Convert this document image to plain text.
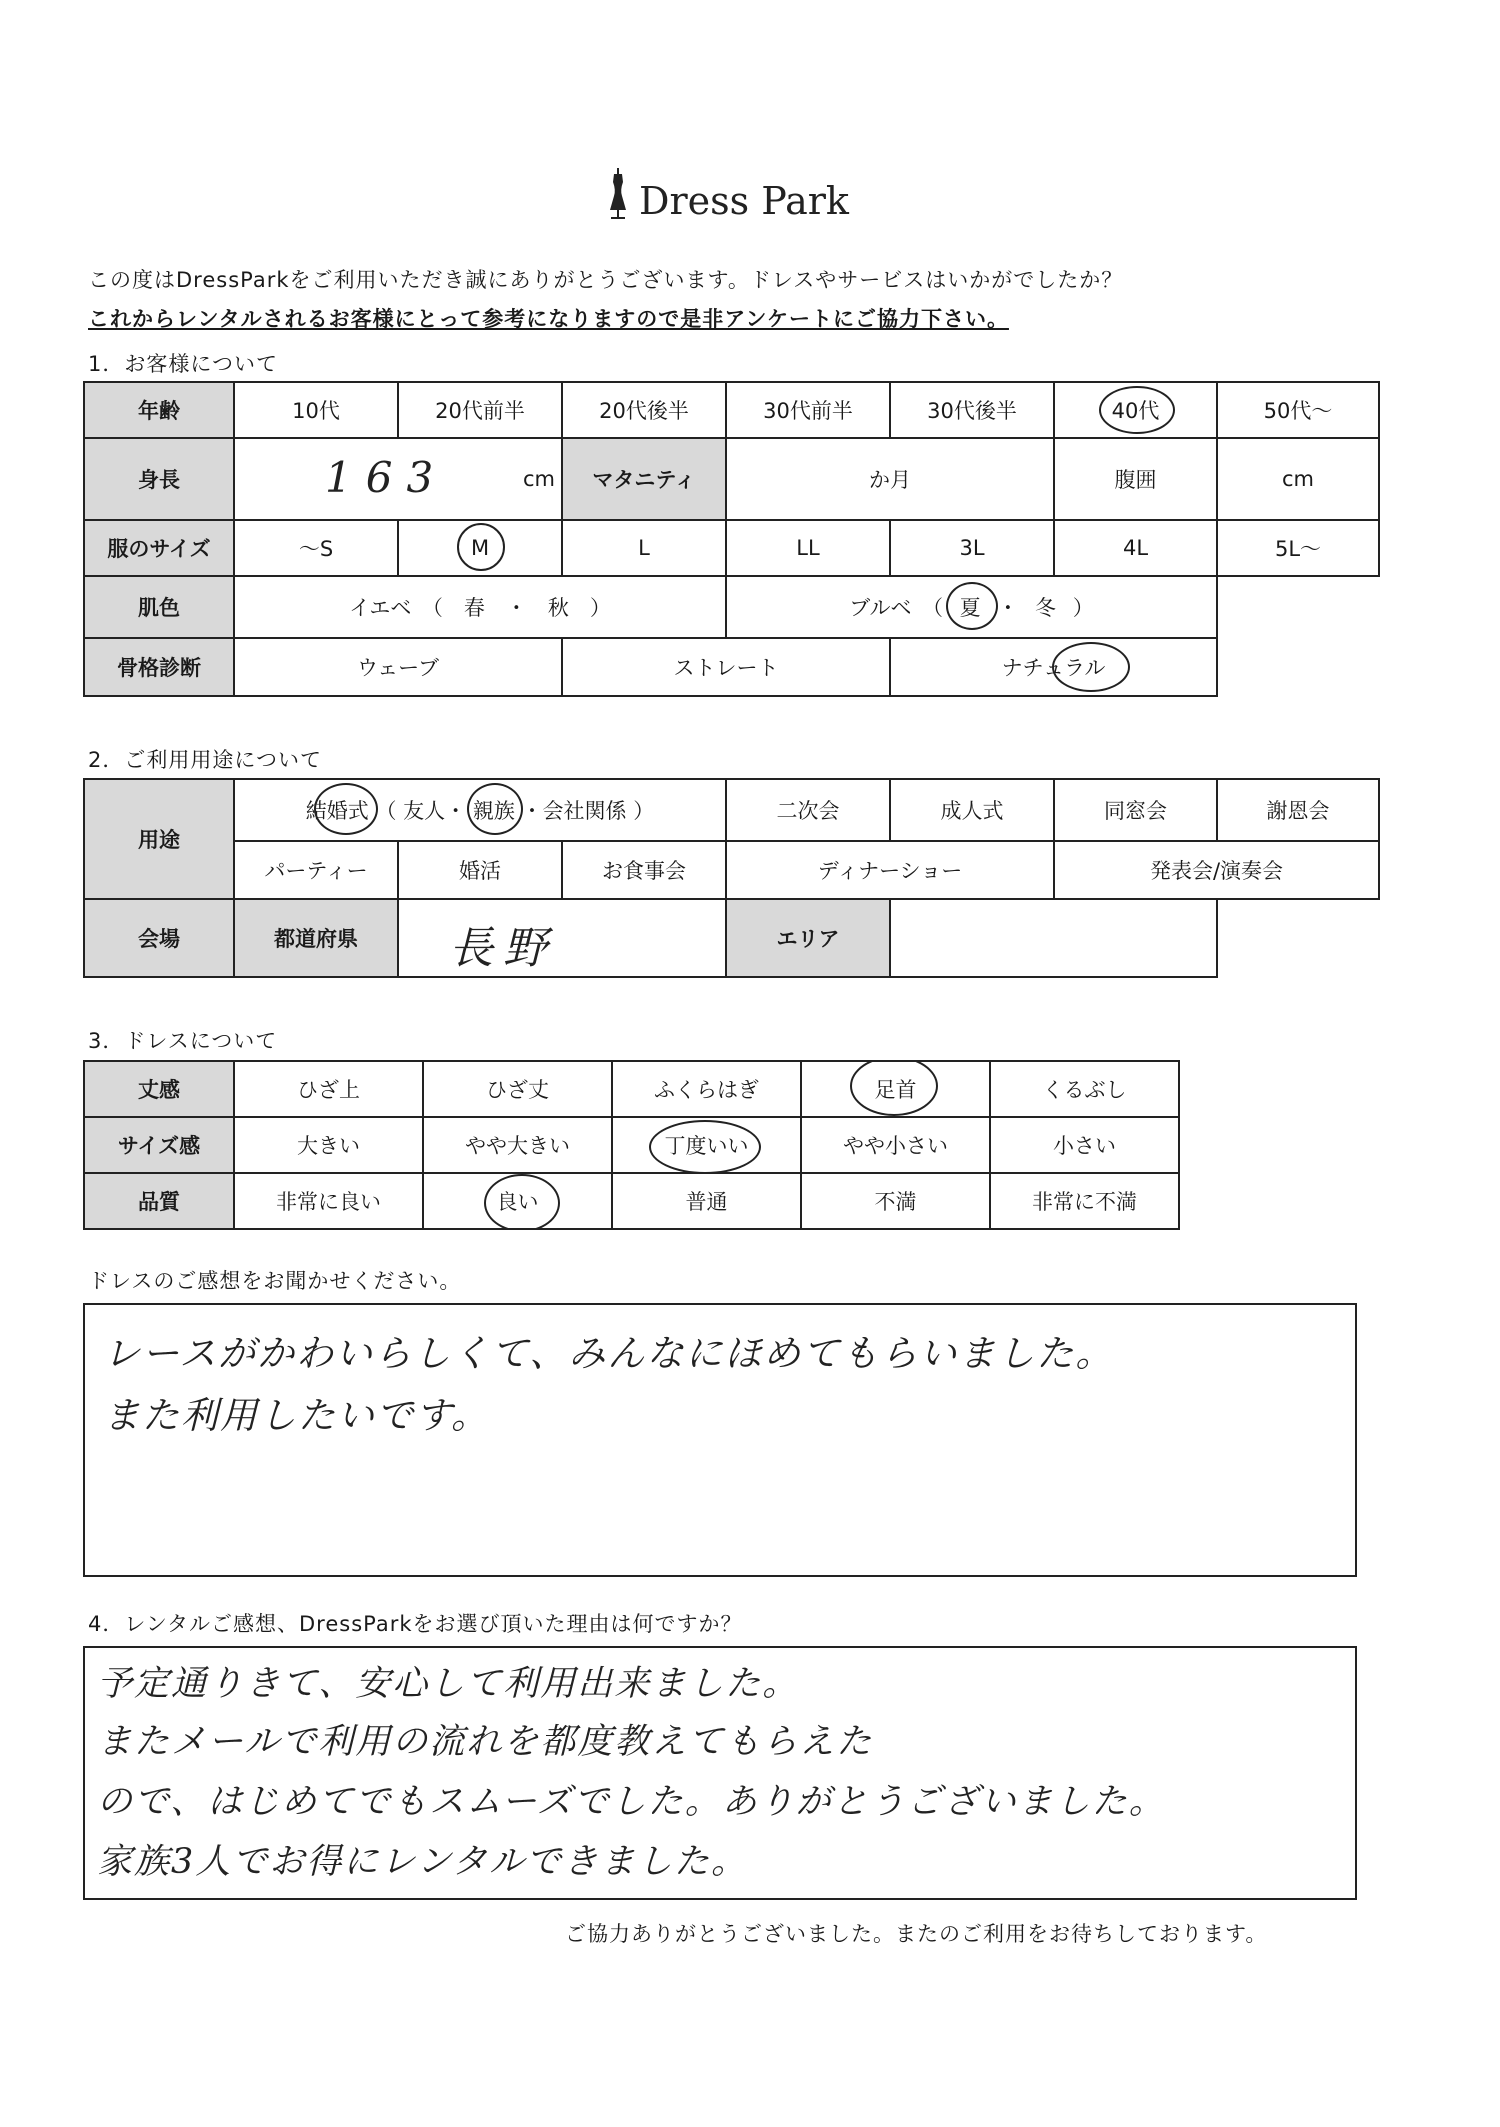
Dress Park
この度はDressParkをご利用いただき誠にありがとうございます。ドレスやサービスはいかがでしたか？
これからレンタルされるお客様にとって参考になりますので是非アンケートにご協力下さい。
1．お客様について
年齢	10代	20代前半	20代後半	30代前半	30代後半	40代	50代～
身長	163 cm		マタニティ	か月		腹囲	cm
服のサイズ	～S	M	L	LL	3L	4L	5L～
肌色	イエベ　（　春　・　秋　）			ブルベ　（ 夏 ・ 冬 ）			
骨格診断	ウェーブ		ストレート		ナチュラル	

2．ご利用用途について
用途	結婚式 （ 友人・ 親族 ・会社関係 ）			二次会	成人式	同窓会	謝恩会
	パーティー	婚活	お食事会	ディナーショー		発表会/演奏会	
会場	都道府県	長野		エリア			
3．ドレスについて
丈感	ひざ上	ひざ丈	ふくらはぎ	足首	くるぶし
サイズ感	大きい	やや大きい	丁度いい	やや小さい	小さい
品質	非常に良い	良い	普通	不満	非常に不満
ドレスのご感想をお聞かせください。
レースがかわいらしくて、みんなにほめてもらいました。
また利用したいです。
4．レンタルご感想、DressParkをお選び頂いた理由は何ですか？
予定通りきて、安心して利用出来ました。
またメールで利用の流れを都度教えてもらえた
ので、はじめてでもスムーズでした。ありがとうございました。
家族3人でお得にレンタルできました。
ご協力ありがとうございました。またのご利用をお待ちしております。
